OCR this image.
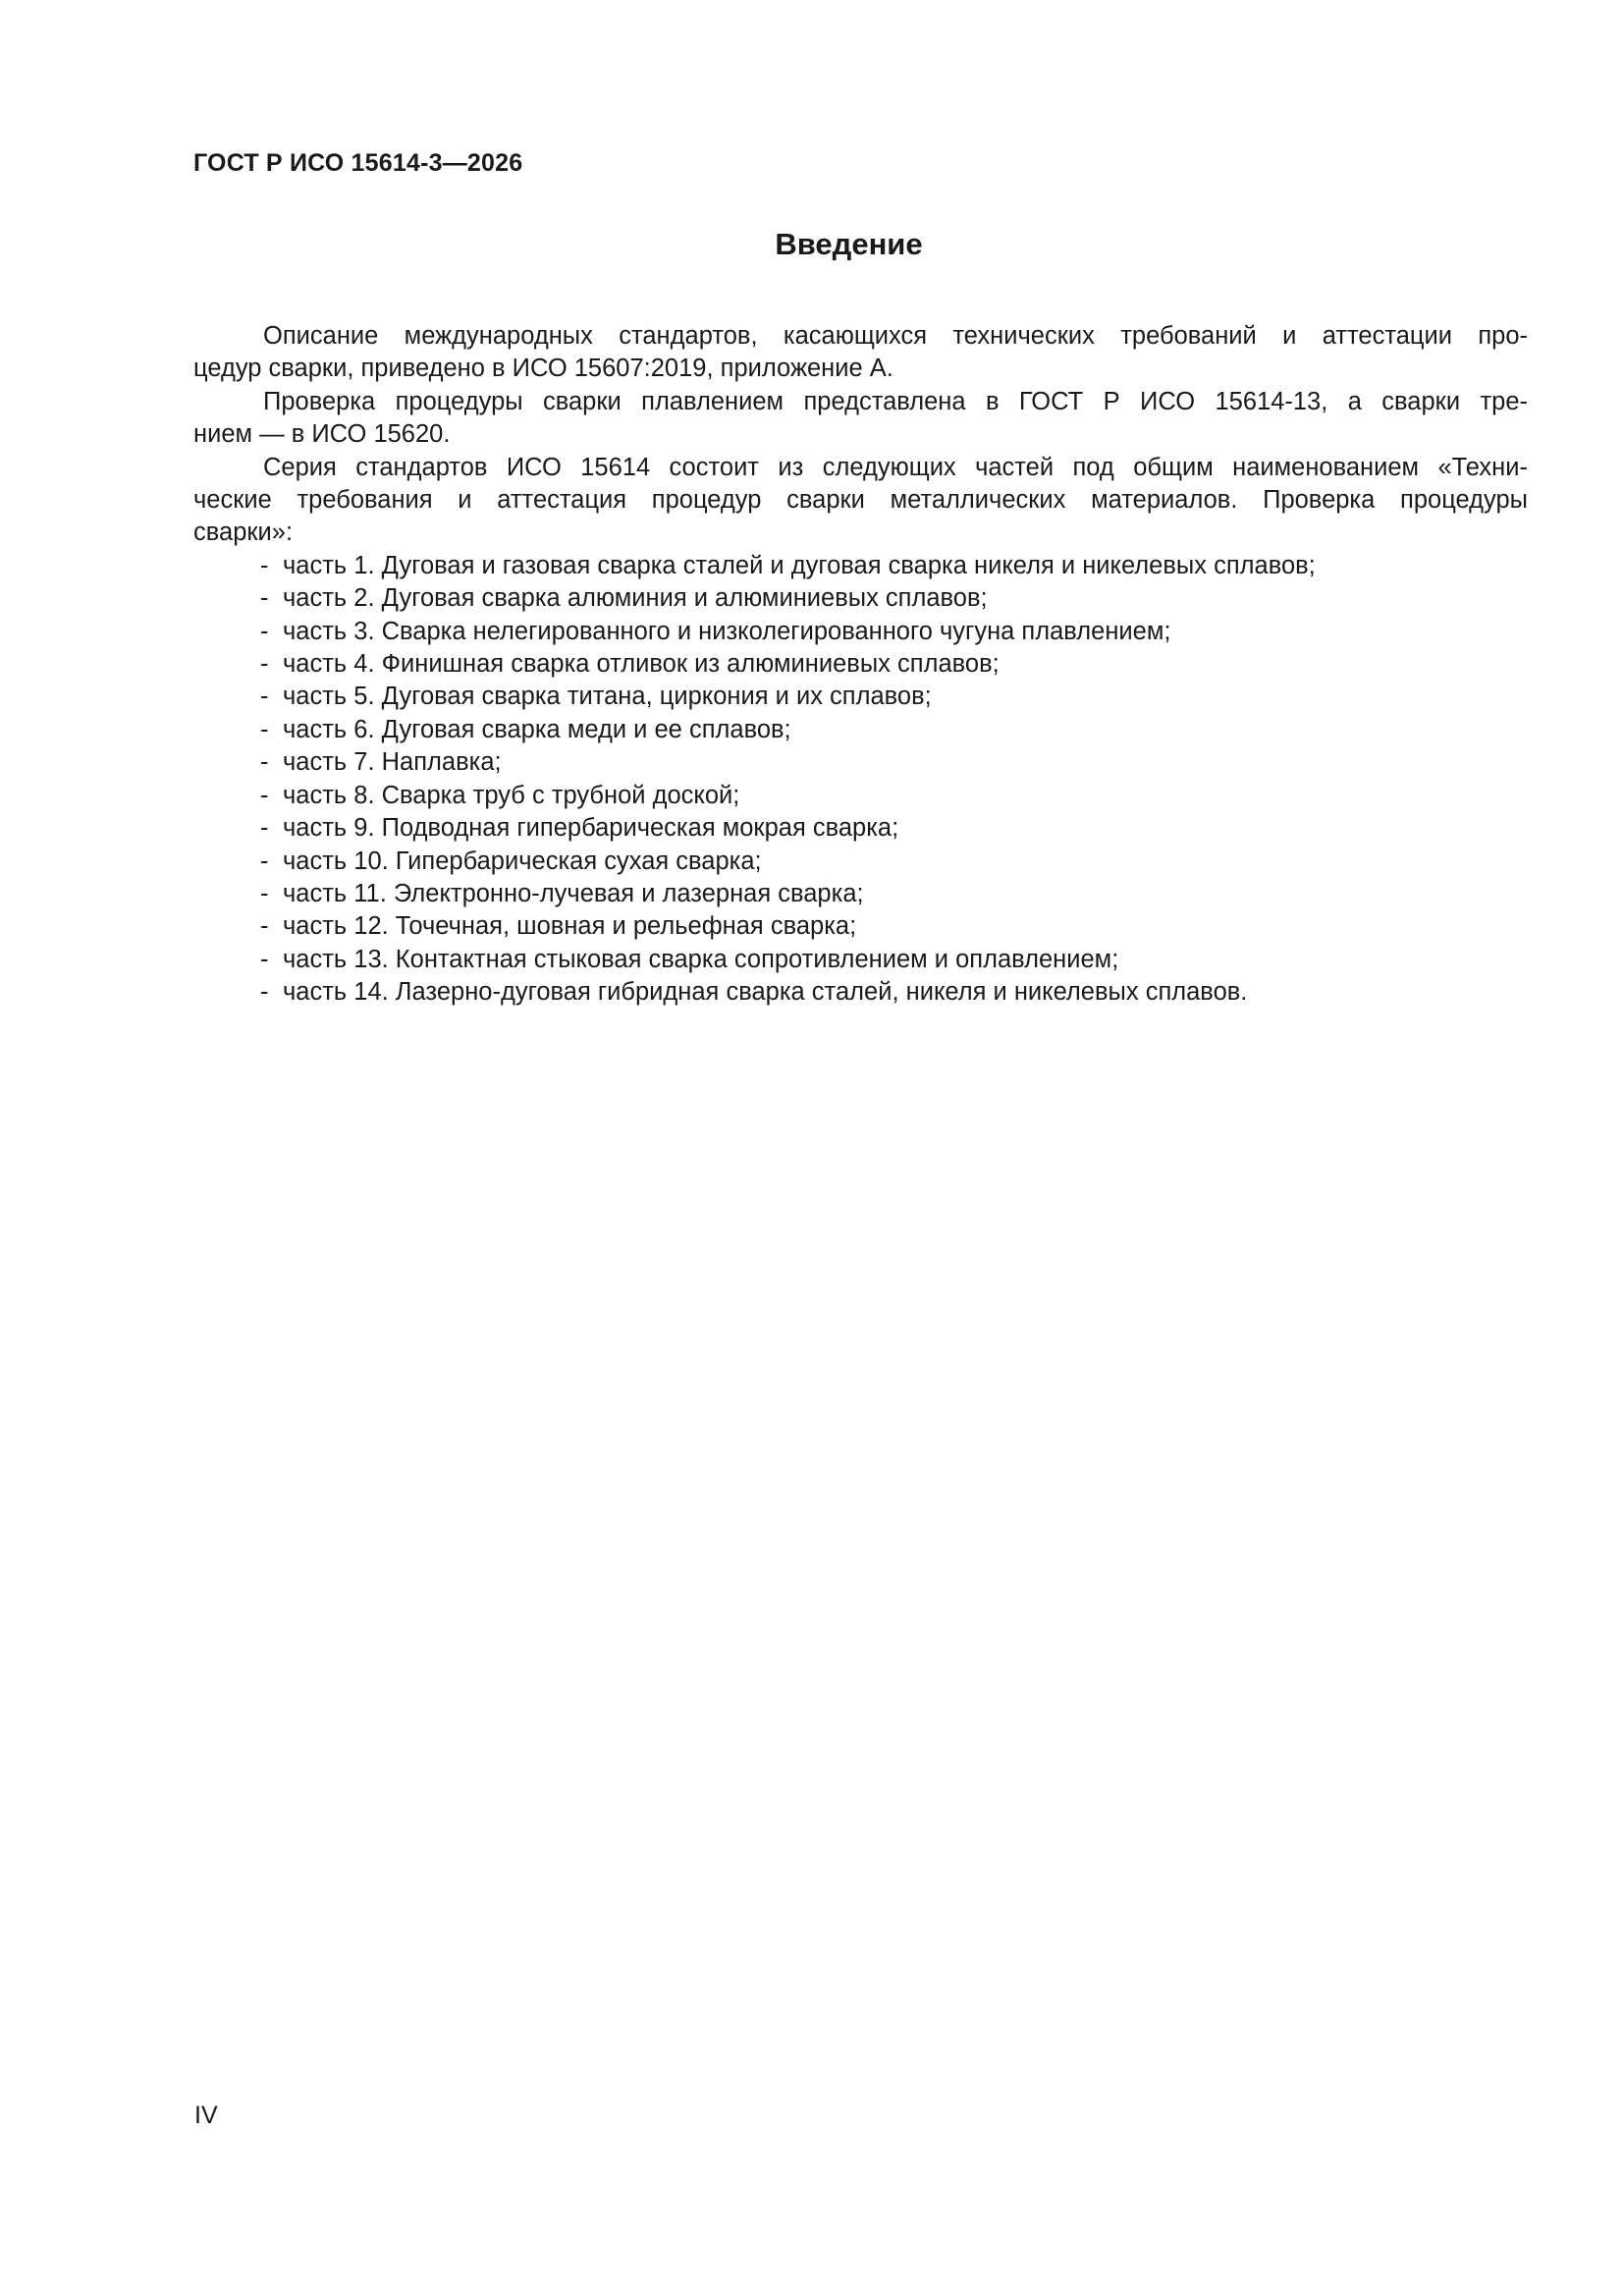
ГОСТ Р ИСО 15614-3—2026
Введение

Описание международных стандартов, касающихся технических требований и аттестации про-
цедур сварки, приведено в ИСО 15607:2019, приложение А.

Проверка процедуры сварки плавлением представлена в ГОСТ Р ИСО 15614-13, а сварки тре-
нием — в ИСО 15620.

Серия стандартов ИСО 15614 состоит из следующих частей под общим наименованием «Техни-
ческие требования и аттестация процедур сварки металлических материалов. Проверка процедуры
сварки»:

- часть 1. Дуговая и газовая сварка сталей и дуговая сварка никеля и никелевых сплавов;
- часть 2. Дуговая сварка алюминия и алюминиевых сплавов;
- часть 3. Сварка нелегированного и низколегированного чугуна плавлением;
- часть 4. Финишная сварка отливок из алюминиевых сплавов;
- часть 5. Дуговая сварка титана, циркония и их сплавов;
- часть 6. Дуговая сварка меди и ее сплавов;
- часть 7. Наплавка;
- часть 8. Сварка труб с трубной доской;
- часть 9. Подводная гипербарическая мокрая сварка;
- часть 10. Гипербарическая сухая сварка;
- часть 11. Электронно-лучевая и лазерная сварка;
- часть 12. Точечная, шовная и рельефная сварка;
- часть 13. Контактная стыковая сварка сопротивлением и оплавлением;
- часть 14. Лазерно-дуговая гибридная сварка сталей, никеля и никелевых сплавов.
IV
